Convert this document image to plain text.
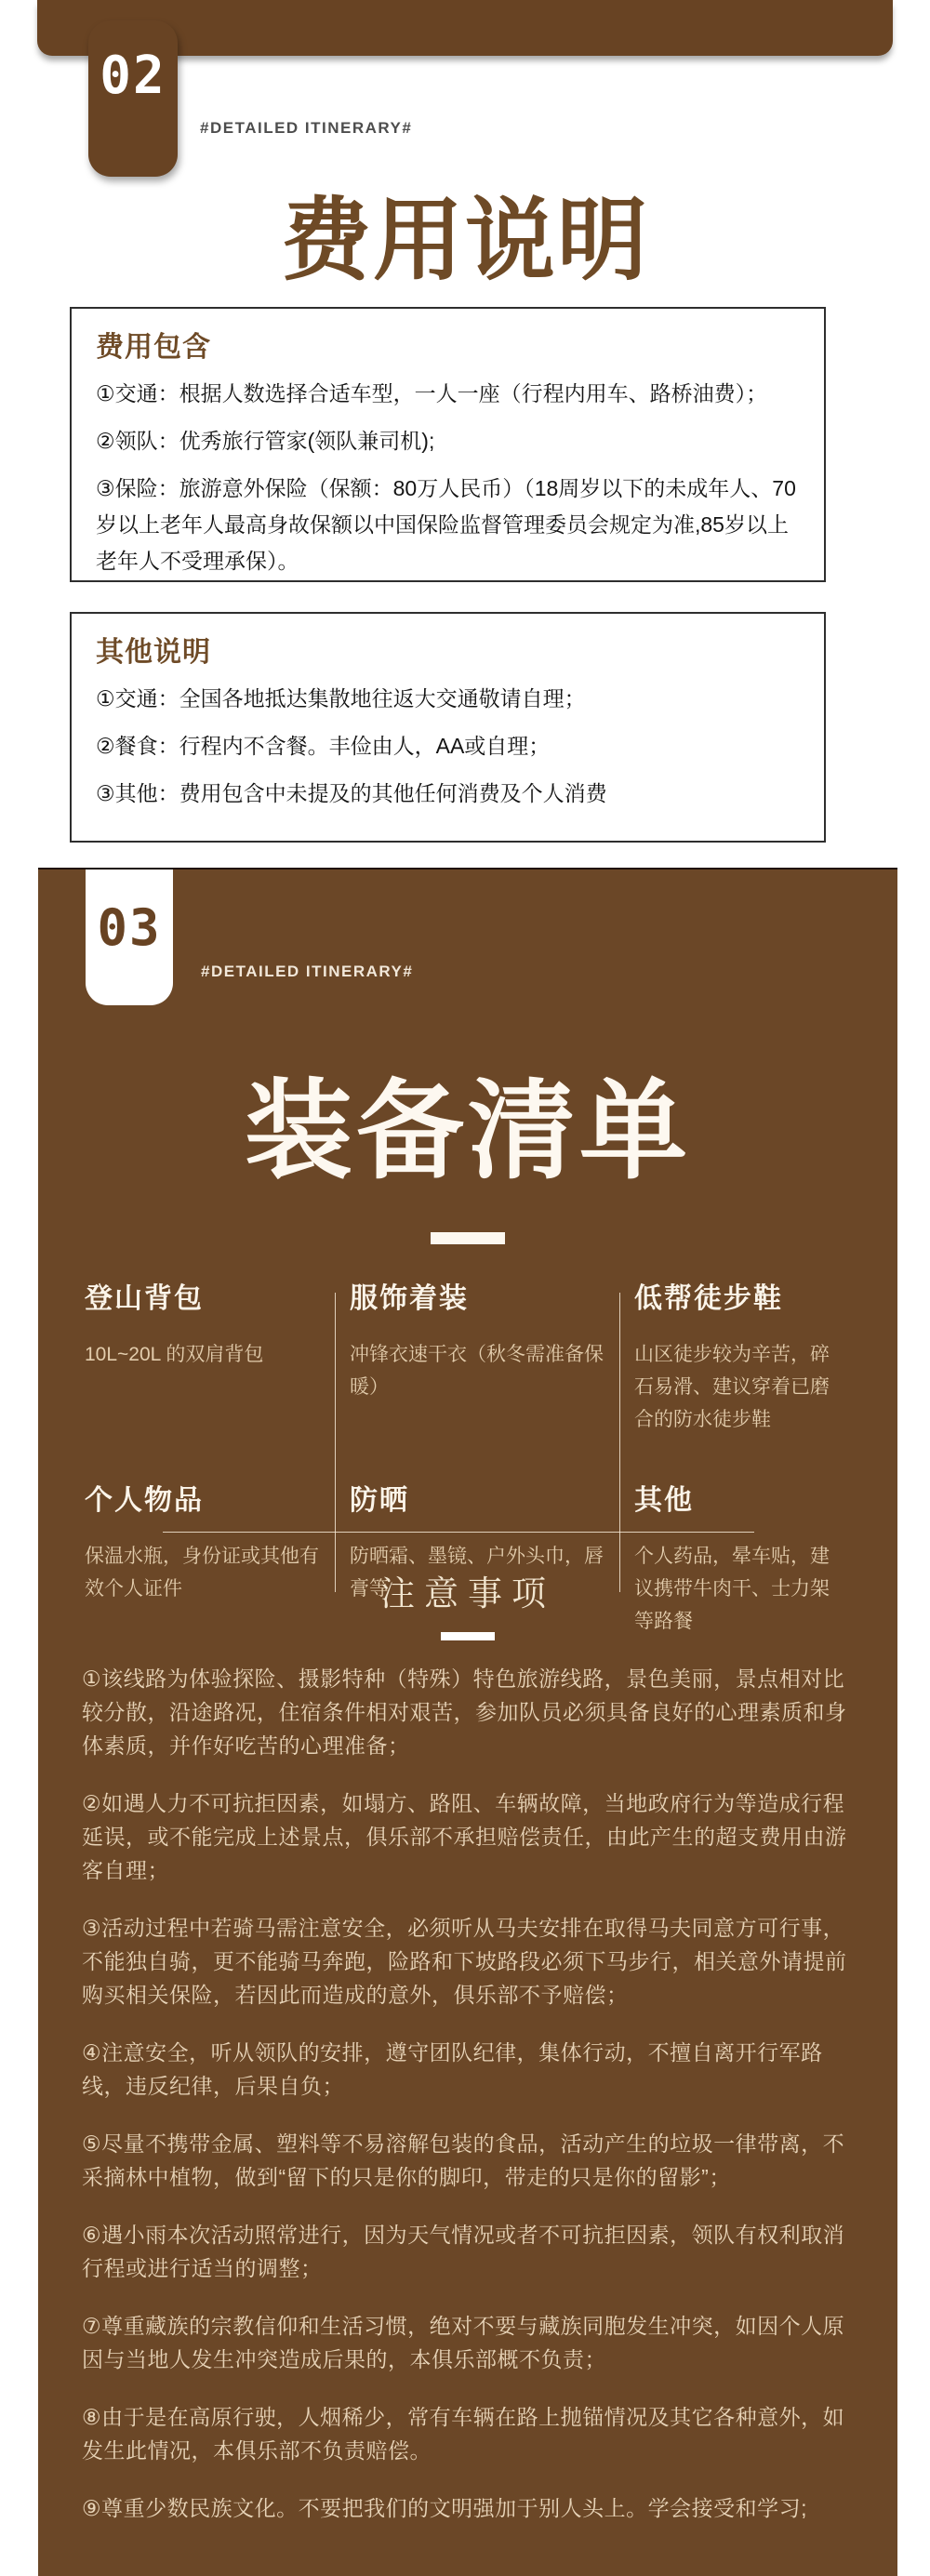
02
#DETAILED ITINERARY#
费用说明
费用包含

①交通：根据人数选择合适车型，一人一座（行程内用车、路桥油费）；

②领队：优秀旅行管家(领队兼司机);

③保险：旅游意外保险（保额：80万人民币）（18周岁以下的未成年人、70岁以上老年人最高身故保额以中国保险监督管理委员会规定为准,85岁以上老年人不受理承保）。

其他说明

①交通：全国各地抵达集散地往返大交通敬请自理；

②餐食：行程内不含餐。丰俭由人，AA或自理；

③其他：费用包含中未提及的其他任何消费及个人消费

03
#DETAILED ITINERARY#
装备清单
登山背包

10L~20L 的双肩背包

服饰着装

冲锋衣速干衣（秋冬需准备保暖）

低帮徒步鞋

山区徒步较为辛苦，碎石易滑、建议穿着已磨合的防水徒步鞋

个人物品

保温水瓶，身份证或其他有效个人证件

防晒

防晒霜、墨镜、户外头巾，唇膏等

其他

个人药品，晕车贴，建议携带牛肉干、士力架等路餐

注意事项

①该线路为体验探险、摄影特种（特殊）特色旅游线路，景色美丽，景点相对比较分散，沿途路况，住宿条件相对艰苦，参加队员必须具备良好的心理素质和身体素质，并作好吃苦的心理准备；

②如遇人力不可抗拒因素，如塌方、路阻、车辆故障，当地政府行为等造成行程延误，或不能完成上述景点，俱乐部不承担赔偿责任，由此产生的超支费用由游客自理；

③活动过程中若骑马需注意安全，必须听从马夫安排在取得马夫同意方可行事，不能独自骑，更不能骑马奔跑，险路和下坡路段必须下马步行，相关意外请提前购买相关保险，若因此而造成的意外，俱乐部不予赔偿；

④注意安全，听从领队的安排，遵守团队纪律，集体行动，不擅自离开行军路线，违反纪律，后果自负；

⑤尽量不携带金属、塑料等不易溶解包装的食品，活动产生的垃圾一律带离，不采摘林中植物，做到“留下的只是你的脚印，带走的只是你的留影”；

⑥遇小雨本次活动照常进行，因为天气情况或者不可抗拒因素，领队有权利取消行程或进行适当的调整；

⑦尊重藏族的宗教信仰和生活习惯，绝对不要与藏族同胞发生冲突，如因个人原因与当地人发生冲突造成后果的，本俱乐部概不负责；

⑧由于是在高原行驶，人烟稀少，常有车辆在路上抛锚情况及其它各种意外，如发生此情况，本俱乐部不负责赔偿。

⑨尊重少数民族文化。不要把我们的文明强加于别人头上。学会接受和学习;
